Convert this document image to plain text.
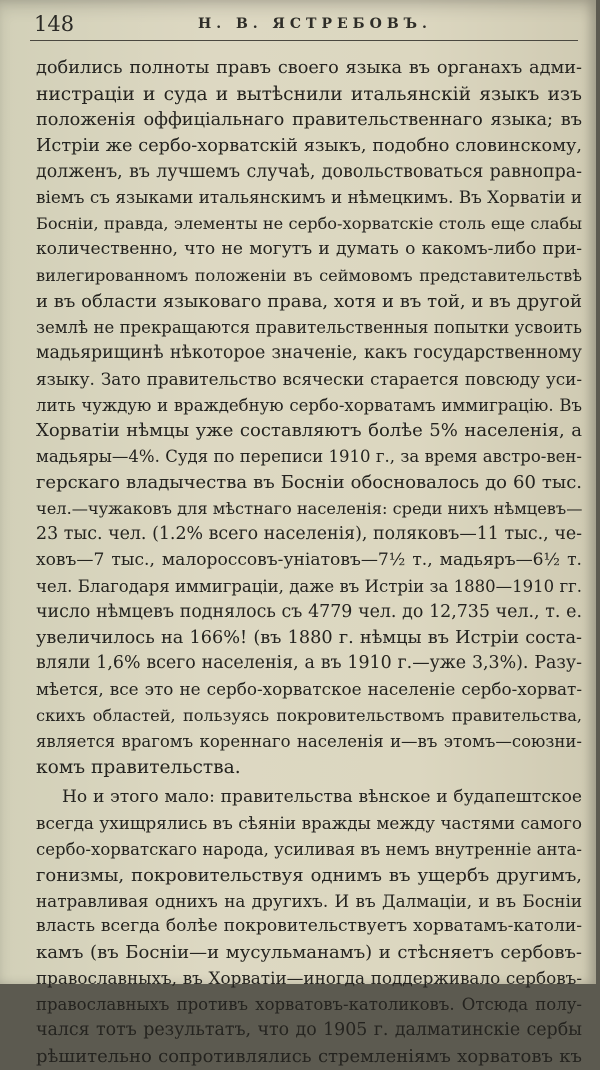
148	Н. В. ЯСТРЕБОВЪ.
добились полноты правъ своего языка въ органахъ адми-
нистраціи и суда и вытѣснили итальянскій языкъ изъ
положенія оффиціальнаго правительственнаго языка; въ
Истріи же сербо-хорватскій языкъ, подобно словинскому,
долженъ, въ лучшемъ случаѣ, довольствоваться равнопра-
віемъ съ языками итальянскимъ и нѣмецкимъ. Въ Хорватіи и
Босніи, правда, элементы не сербо-хорватскіе столь еще слабы
количественно, что не могутъ и думать о какомъ-либо при-
вилегированномъ положеніи въ сеймовомъ представительствѣ
и въ области языковаго права, хотя и въ той, и въ другой
землѣ не прекращаются правительственныя попытки усвоить
мадьярищинѣ нѣкоторое значеніе, какъ государственному
языку. Зато правительство всячески старается повсюду уси-
лить чуждую и враждебную сербо-хорватамъ иммиграцію. Въ
Хорватіи нѣмцы уже составляютъ болѣе 5% населенія, а
мадьяры—4%. Судя по переписи 1910 г., за время австро-вен-
герскаго владычества въ Босніи обосновалось до 60 тыс.
чел.—чужаковъ для мѣстнаго населенія: среди нихъ нѣмцевъ—
23 тыс. чел. (1.2% всего населенія), поляковъ—11 тыс., че-
ховъ—7 тыс., малороссовъ-уніатовъ—7½ т., мадьяръ—6½ т.
чел. Благодаря иммиграціи, даже въ Истріи за 1880—1910 гг.
число нѣмцевъ поднялось съ 4779 чел. до 12,735 чел., т. е.
увеличилось на 166%! (въ 1880 г. нѣмцы въ Истріи соста-
вляли 1,6% всего населенія, а въ 1910 г.—уже 3,3%). Разу-
мѣется, все это не сербо-хорватское населеніе сербо-хорват-
скихъ областей, пользуясь покровительствомъ правительства,
является врагомъ кореннаго населенія и—въ этомъ—союзни-
комъ правительства.
Но и этого мало: правительства вѣнское и будапештское
всегда ухищрялись въ сѣяніи вражды между частями самого
сербо-хорватскаго народа, усиливая въ немъ внутренніе анта-
гонизмы, покровительствуя однимъ въ ущербъ другимъ,
натравливая однихъ на другихъ. И въ Далмаціи, и въ Босніи
власть всегда болѣе покровительствуетъ хорватамъ-католи-
камъ (въ Босніи—и мусульманамъ) и стѣсняетъ сербовъ-
православныхъ, въ Хорватіи—иногда поддерживало сербовъ-
православныхъ противъ хорватовъ-католиковъ. Отсюда полу-
чался тотъ результатъ, что до 1905 г. далматинскіе сербы
рѣшительно сопротивлялись стремленіямъ хорватовъ къ
